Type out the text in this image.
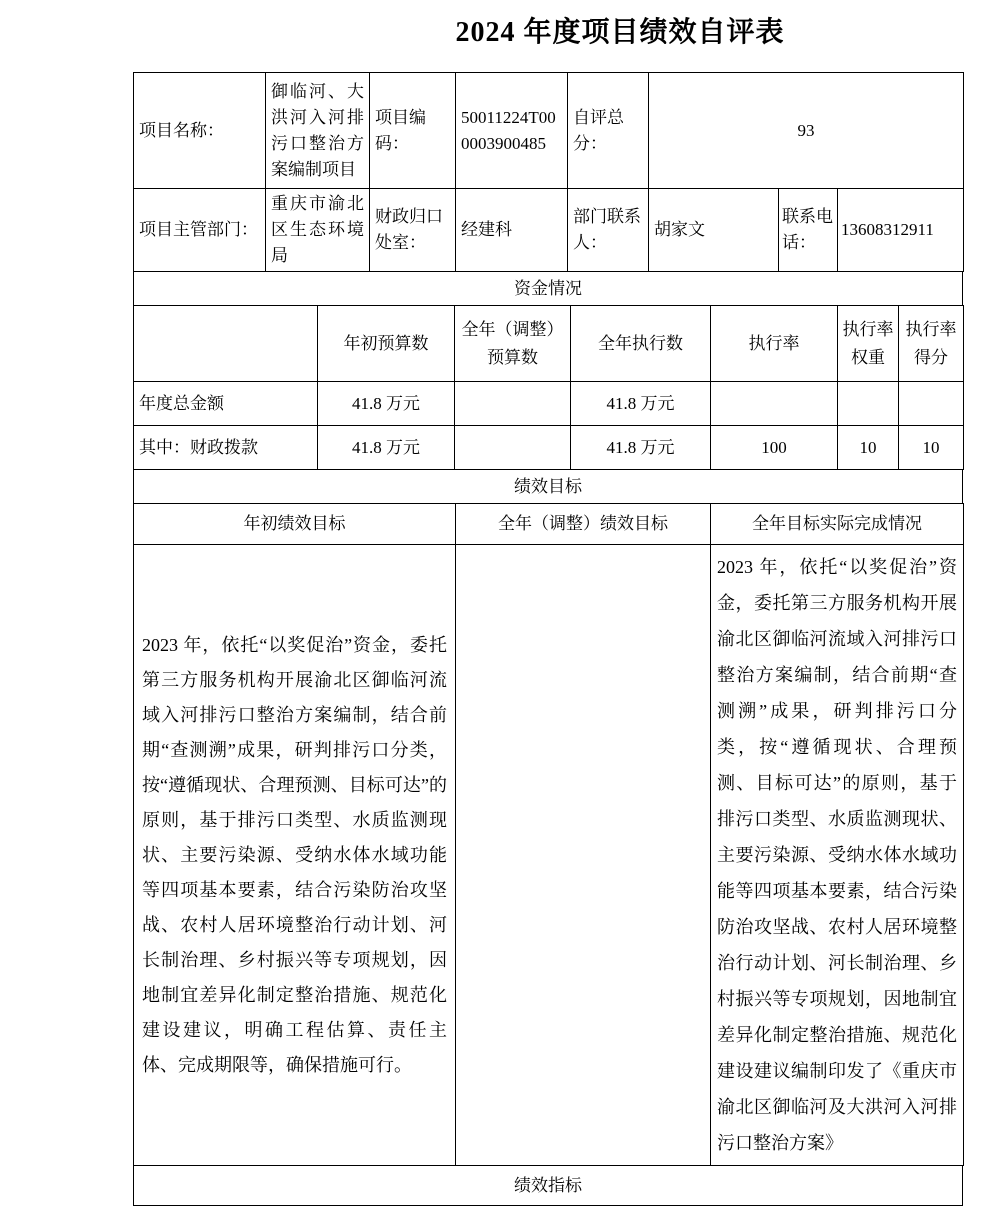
2024 年度项目绩效自评表
项目名称：	御临河、大洪河入河排污口整治方案编制项目	项目编码：	50011224T000003900485	自评总分：	93		
项目主管部门：	重庆市渝北区生态环境局	财政归口处室：	经建科	部门联系人：	胡家文	联系电话：	13608312911
资金情况
	年初预算数	全年（调整）预算数	全年执行数	执行率	执行率权重	执行率得分
年度总金额	41.8 万元		41.8 万元			
其中：财政拨款	41.8 万元		41.8 万元	100	10	10
绩效目标
年初绩效目标	全年（调整）绩效目标	全年目标实际完成情况
2023 年，依托“以奖促治”资金，委托第三方服务机构开展渝北区御临河流域入河排污口整治方案编制，结合前期“查测溯”成果，研判排污口分类，按“遵循现状、合理预测、目标可达”的原则，基于排污口类型、水质监测现状、主要污染源、受纳水体水域功能等四项基本要素，结合污染防治攻坚战、农村人居环境整治行动计划、河长制治理、乡村振兴等专项规划，因地制宜差异化制定整治措施、规范化建设建议，明确工程估算、责任主体、完成期限等，确保措施可行。		2023 年，依托“以奖促治”资金，委托第三方服务机构开展渝北区御临河流域入河排污口整治方案编制，结合前期“查测溯”成果，研判排污口分类，按“遵循现状、合理预测、目标可达”的原则，基于排污口类型、水质监测现状、主要污染源、受纳水体水域功能等四项基本要素，结合污染防治攻坚战、农村人居环境整治行动计划、河长制治理、乡村振兴等专项规划，因地制宜差异化制定整治措施、规范化建设建议编制印发了《重庆市渝北区御临河及大洪河入河排污口整治方案》
绩效指标
